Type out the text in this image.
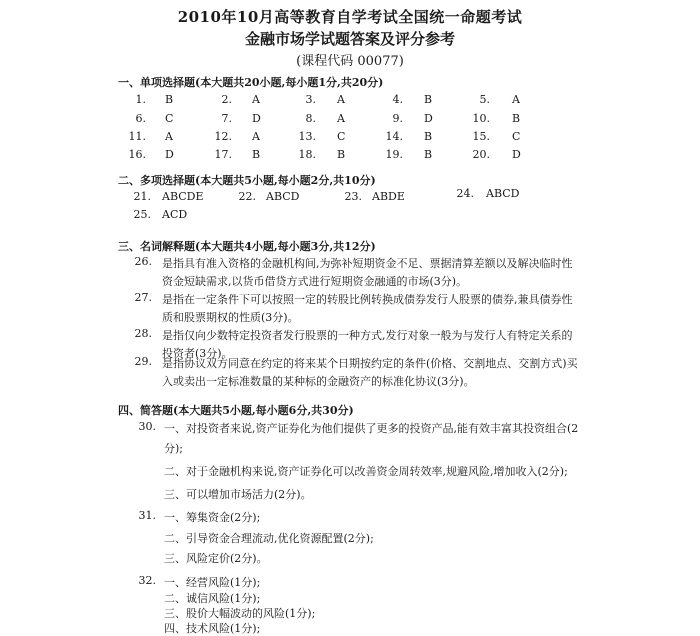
2010年10月高等教育自学考试全国统一命题考试
金融市场学试题答案及评分参考
(课程代码 00077)
一、单项选择题(本大题共20小题,每小题1分,共20分)
1. B	2. A	3. A	4. B	5. A
6. C	7. D	8. A	9. D	10. B
11. A	12. A	13. C	14. B	15. C
16. D	17. B	18. B	19. B	20. D
二、多项选择题(本大题共5小题,每小题2分,共10分)
21. ABCDE	22. ABCD	23. ABDE	24. ABCD
25. ACD
三、名词解释题(本大题共4小题,每小题3分,共12分)
26. 是指具有准入资格的金融机构间,为弥补短期资金不足、票据清算差额以及解决临时性
资金短缺需求,以货币借贷方式进行短期资金融通的市场(3分)。
27. 是指在一定条件下可以按照一定的转股比例转换成债券发行人股票的债券,兼具债券性
质和股票期权的性质(3分)。
28. 是指仅向少数特定投资者发行股票的一种方式,发行对象一般为与发行人有特定关系的
投资者(3分)。
29. 是指协议双方同意在约定的将来某个日期按约定的条件(价格、交割地点、交割方式)买
入或卖出一定标准数量的某种标的金融资产的标准化协议(3分)。
四、简答题(本大题共5小题,每小题6分,共30分)
30. 一、对投资者来说,资产证券化为他们提供了更多的投资产品,能有效丰富其投资组合(2
分);
二、对于金融机构来说,资产证券化可以改善资金周转效率,规避风险,增加收入(2分);
三、可以增加市场活力(2分)。
31. 一、筹集资金(2分);
二、引导资金合理流动,优化资源配置(2分);
三、风险定价(2分)。
32. 一、经营风险(1分);
二、诚信风险(1分);
三、股价大幅波动的风险(1分);
四、技术风险(1分);
